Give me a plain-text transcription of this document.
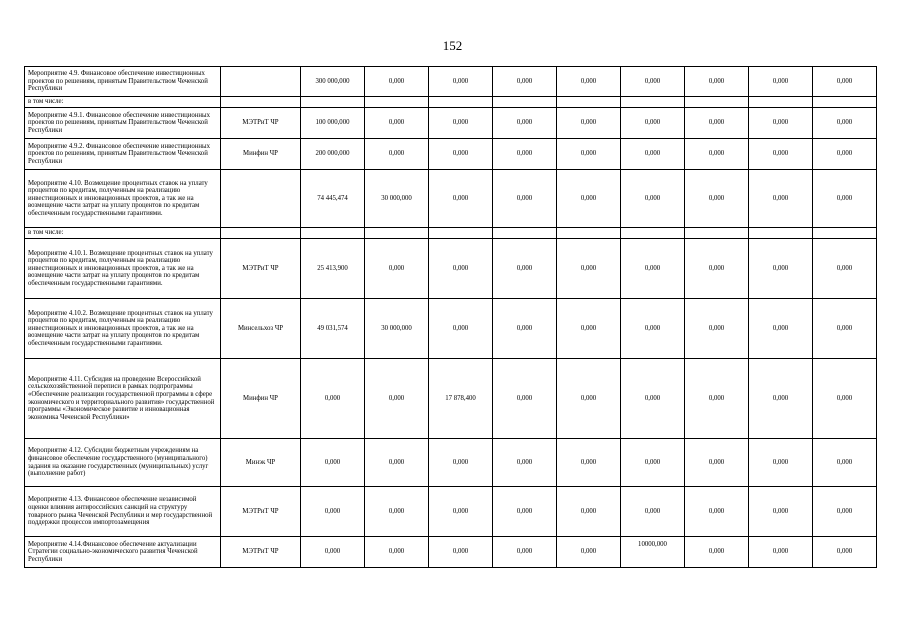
152
Мероприятие 4.9. Финансовое обеспечение инвестиционных проектов по решениям, принятым Правительством Чеченской Республики		300 000,000	0,000	0,000	0,000	0,000	0,000	0,000	0,000	0,000
в том числе:										
Мероприятие 4.9.1. Финансовое обеспечение инвестиционных проектов по решениям, принятым Правительством Чеченской Республики	МЭТРиТ ЧР	100 000,000	0,000	0,000	0,000	0,000	0,000	0,000	0,000	0,000
Мероприятие 4.9.2. Финансовое обеспечение инвестиционных проектов по решениям, принятым Правительством Чеченской Республики	Минфин ЧР	200 000,000	0,000	0,000	0,000	0,000	0,000	0,000	0,000	0,000
Мероприятие 4.10. Возмещение процентных ставок на уплату процентов по кредитам, полученным на реализацию инвестиционных и инновационных проектов, а так же на возмещение части затрат на уплату процентов по кредитам обеспеченным государственными гарантиями.		74 445,474	30 000,000	0,000	0,000	0,000	0,000	0,000	0,000	0,000
в том числе:										
Мероприятие 4.10.1. Возмещение процентных ставок на уплату процентов по кредитам, полученным на реализацию инвестиционных и инновационных проектов, а так же на возмещение части затрат на уплату процентов по кредитам обеспеченным государственными гарантиями.	МЭТРиТ ЧР	25 413,900	0,000	0,000	0,000	0,000	0,000	0,000	0,000	0,000
Мероприятие 4.10.2. Возмещение процентных ставок на уплату процентов по кредитам, полученным на реализацию инвестиционных и инновационных проектов, а так же на возмещение части затрат на уплату процентов по кредитам обеспеченным государственными гарантиями.	Минсельхоз ЧР	49 031,574	30 000,000	0,000	0,000	0,000	0,000	0,000	0,000	0,000
Мероприятие 4.11. Субсидия на проведение Всероссийской сельскохозяйственной переписи в рамках подпрограммы «Обеспечение реализации государственной программы в сфере экономического и территориального развития» государственной программы «Экономическое развитие и инновационная экономика Чеченской Республики»	Минфин ЧР	0,000	0,000	17 878,400	0,000	0,000	0,000	0,000	0,000	0,000
Мероприятие 4.12. Субсидии бюджетным учреждениям на финансовое обеспечение государственного (муниципального) задания на оказание государственных (муниципальных) услуг (выполнение работ)	Минэк ЧР	0,000	0,000	0,000	0,000	0,000	0,000	0,000	0,000	0,000
Мероприятие 4.13. Финансовое обеспечение независимой оценки влияния антироссийских санкций на структуру товарного рынка Чеченской Республики и мер государственной поддержки процессов импортозамещения	МЭТРиТ ЧР	0,000	0,000	0,000	0,000	0,000	0,000	0,000	0,000	0,000
Мероприятие 4.14.Финансовое обеспечение актуализации Стратегии социально-экономического развития Чеченской Республики	МЭТРиТ ЧР	0,000	0,000	0,000	0,000	0,000	10000,000	0,000	0,000	0,000
